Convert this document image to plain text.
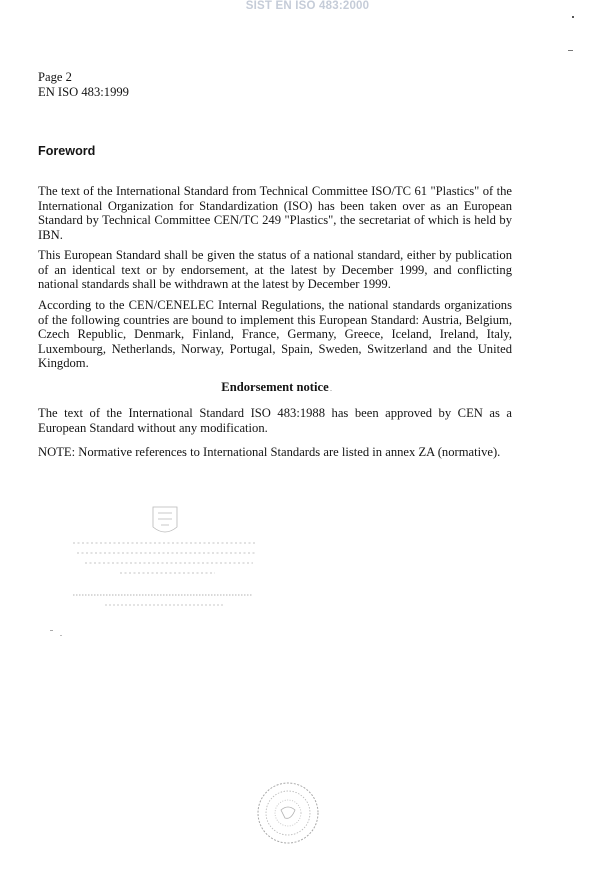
SIST EN ISO 483:2000
Page 2
EN ISO 483:1999
Foreword

The text of the International Standard from Technical Committee ISO/TC 61 "Plastics" of the International Organization for Standardization (ISO) has been taken over as an European Standard by Technical Committee CEN/TC 249 "Plastics", the secretariat of which is held by IBN.

This European Standard shall be given the status of a national standard, either by publication of an identical text or by endorsement, at the latest by December 1999, and conflicting national standards shall be withdrawn at the latest by December 1999.

According to the CEN/CENELEC Internal Regulations, the national standards organizations of the following countries are bound to implement this European Standard: Austria, Belgium, Czech Republic, Denmark, Finland, France, Germany, Greece, Iceland, Ireland, Italy, Luxembourg, Netherlands, Norway, Portugal, Spain, Sweden, Switzerland and the United Kingdom.

Endorsement notice

The text of the International Standard ISO 483:1988 has been approved by CEN as a European Standard without any modification.

NOTE: Normative references to International Standards are listed in annex ZA (normative).
